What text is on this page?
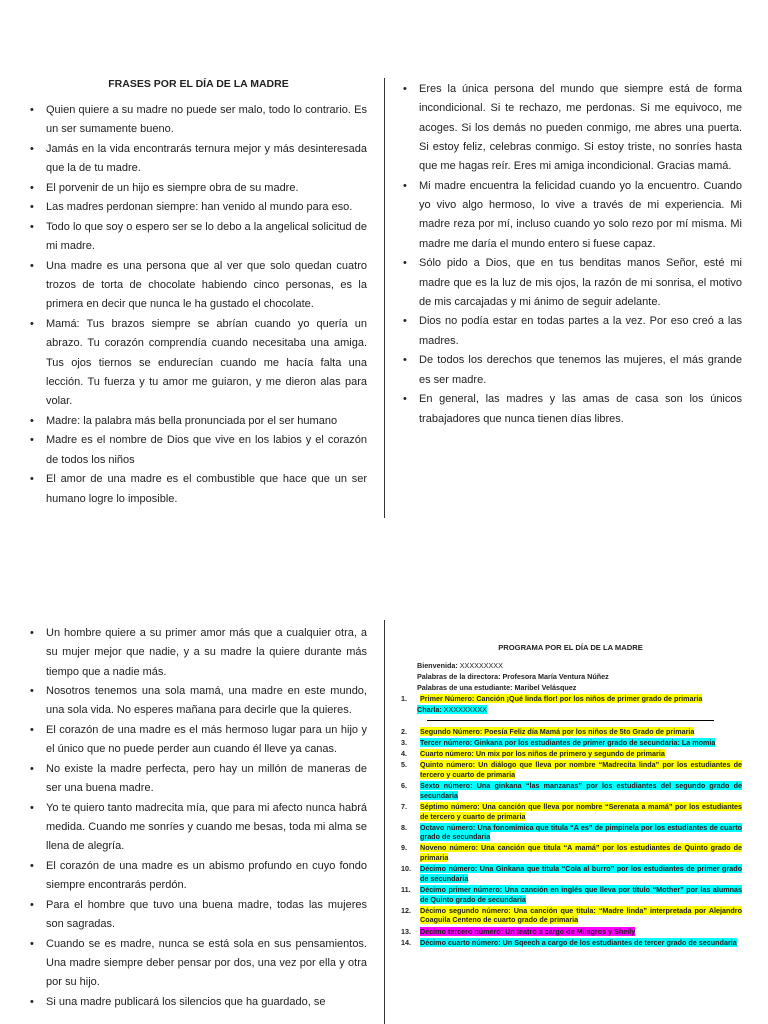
FRASES POR EL DÍA DE LA MADRE
• Quien quiere a su madre no puede ser malo, todo lo contrario. Es un ser sumamente bueno.
• Jamás en la vida encontrarás ternura mejor y más desinteresada que la de tu madre.
• El porvenir de un hijo es siempre obra de su madre.
• Las madres perdonan siempre: han venido al mundo para eso.
• Todo lo que soy o espero ser se lo debo a la angelical solicitud de mi madre.
• Una madre es una persona que al ver que solo quedan cuatro trozos de torta de chocolate habiendo cinco personas, es la primera en decir que nunca le ha gustado el chocolate.
• Mamá: Tus brazos siempre se abrían cuando yo quería un abrazo. Tu corazón comprendía cuando necesitaba una amiga. Tus ojos tiernos se endurecían cuando me hacía falta una lección. Tu fuerza y tu amor me guiaron, y me dieron alas para volar.
• Madre: la palabra más bella pronunciada por el ser humano
• Madre es el nombre de Dios que vive en los labios y el corazón de todos los niños
• El amor de una madre es el combustible que hace que un ser humano logre lo imposible.
• Eres la única persona del mundo que siempre está de forma incondicional. Si te rechazo, me perdonas. Si me equivoco, me acoges. Si los demás no pueden conmigo, me abres una puerta. Si estoy feliz, celebras conmigo. Si estoy triste, no sonríes hasta que me hagas reír. Eres mi amiga incondicional. Gracias mamá.
• Mi madre encuentra la felicidad cuando yo la encuentro. Cuando yo vivo algo hermoso, lo vive a través de mi experiencia. Mi madre reza por mí, incluso cuando yo solo rezo por mí misma. Mi madre me daría el mundo entero si fuese capaz.
• Sólo pido a Dios, que en tus benditas manos Señor, esté mi madre que es la luz de mis ojos, la razón de mi sonrisa, el motivo de mis carcajadas y mi ánimo de seguir adelante.
• Dios no podía estar en todas partes a la vez. Por eso creó a las madres.
• De todos los derechos que tenemos las mujeres, el más grande es ser madre.
• En general, las madres y las amas de casa son los únicos trabajadores que nunca tienen días libres.
• Un hombre quiere a su primer amor más que a cualquier otra, a su mujer mejor que nadie, y a su madre la quiere durante más tiempo que a nadie más.
• Nosotros tenemos una sola mamá, una madre en este mundo, una sola vida. No esperes mañana para decirle que la quieres.
• El corazón de una madre es el más hermoso lugar para un hijo y el único que no puede perder aun cuando él lleve ya canas.
• No existe la madre perfecta, pero hay un millón de maneras de ser una buena madre.
• Yo te quiero tanto madrecita mía, que para mi afecto nunca habrá medida. Cuando me sonríes y cuando me besas, toda mi alma se llena de alegría.
• El corazón de una madre es un abismo profundo en cuyo fondo siempre encontrarás perdón.
• Para el hombre que tuvo una buena madre, todas las mujeres son sagradas.
• Cuando se es madre, nunca se está sola en sus pensamientos. Una madre siempre deber pensar por dos, una vez por ella y otra por su hijo.
• Si una madre publicará los silencios que ha guardado, se
PROGRAMA POR EL DÍA DE LA MADRE
Bienvenida: XXXXXXXXX
Palabras de la directora: Profesora María Ventura Núñez
Palabras de una estudiante: Maribel Velásquez
1. Primer Número: Canción ¡Qué linda flor! por los niños de primer grado de primaria
Charla: XXXXXXXXX
2. Segundo Número: Poesía Feliz día Mamá por los niños de 5to Grado de primaria
3. Tercer número: Ginkana por los estudiantes de primer grado de secundaria: La momia
4. Cuarto número: Un mix por los niños de primero y segundo de primaria
5. Quinto número: Un diálogo que lleva por nombre “Madrecita linda” por los estudiantes de tercero y cuarto de primaria
6. Sexto número: Una ginkana “las manzanas” por los estudiantes del segundo grado de secundaria
7. Séptimo número: Una canción que lleva por nombre “Serenata a mamá” por los estudiantes de tercero y cuarto de primaria
8. Octavo número: Una fonomímica que titula “A es” de pimpinela por los estudiantes de cuarto grado de secundaria
9. Noveno número: Una canción que titula “A mamá” por los estudiantes de Quinto grado de primaria
10. Décimo número: Una Ginkana que titula “Cola al burro” por los estudiantes de primer grado de secundaria
11. Décimo primer número: Una canción en inglés que lleva por título “Mother” por las alumnas de Quinto grado de secundaria
12. Décimo segundo número: Una canción que titula: “Madre linda” interpretada por Alejandro Coaguila Centeno de cuarto grado de primaria
13. Décimo tercero número: Un teatro a cargo de Milagros y Sheily
14. Décimo cuarto número: Un Sqeech a cargo de los estudiantes de tercer grado de secundaria
